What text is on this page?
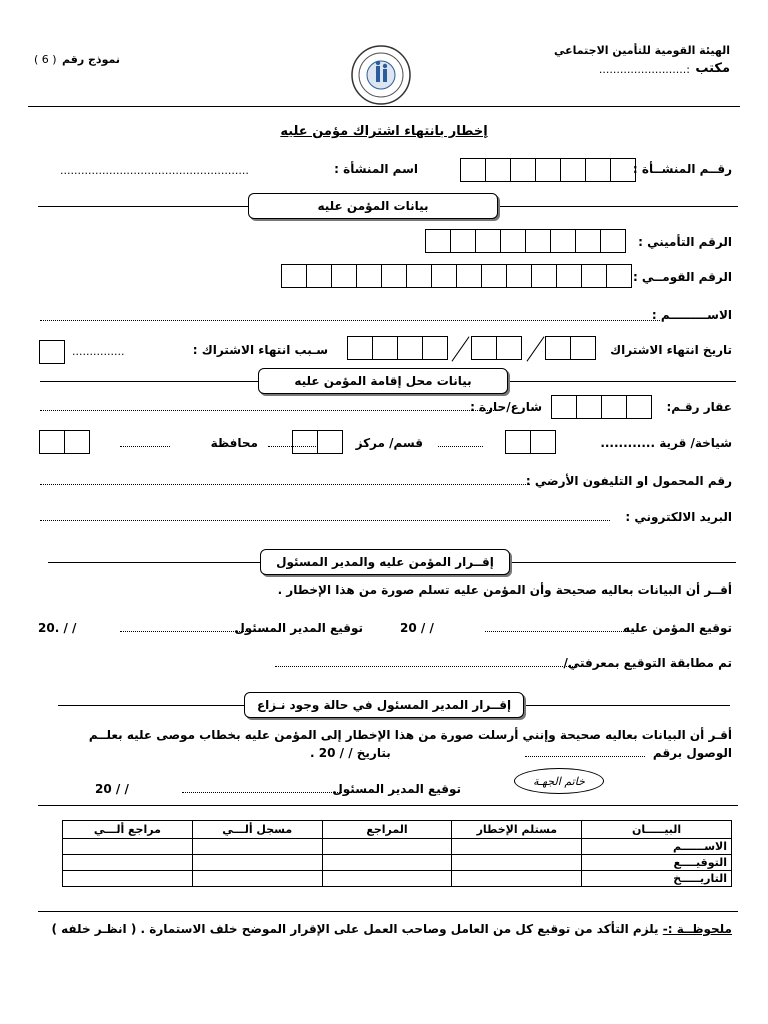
الهيئة القومية للتأمين الاجتماعي
مكتب
:.........................
نموذج رقم
( 6 )
إخطار بانتهاء اشتراك مؤمن عليه
رقــم المنشــأة :
اسم المنشأة :
......................................................
بيانات المؤمن عليه
الرقم التأميني :
الرقم القومــي :
الاســـــــــم :
تاريخ انتهاء الاشتراك
سـبب انتهاء الاشتراك :
...............
بيانات محل إقامة المؤمن عليه
عقار رقـم:
شارع/حارة :
شياخة/ قرية ............
قسم/ مركز
محافظة
رقم المحمول او التليفون الأرضي :
البريد الالكتروني :
إقــرار المؤمن عليه والمدير المسئول
أقــر أن البيانات بعاليه صحيحة وأن المؤمن عليه تسلم صورة من هذا الإخطار .
توقيع المؤمن عليه
/ / 20
توقيع المدير المسئول
/ / .20
تم مطابقة التوقيع بمعرفتي/
إقــرار المدير المسئول في حالة وجود نـزاع
أقـر أن البيانات بعاليه صحيحة وإنني أرسلت صورة من هذا الإخطار إلى المؤمن عليه بخطاب موصى عليه بعلــم
الوصول برقم
بتاريخ / / 20 .
خاتم الجهـة
توقيع المدير المسئول
/ / 20
البيـــــان	مستلم الإخطار	المراجع	مسجل ألـــي	مراجع ألـــي
الاســــــم				
التوقيــــع				
التاريـــــخ				
ملحوظــة :- يلزم التأكد من توقيع كل من العامل وصاحب العمل على الإقرار الموضح خلف الاستمارة . ( انظـر خلفه )
